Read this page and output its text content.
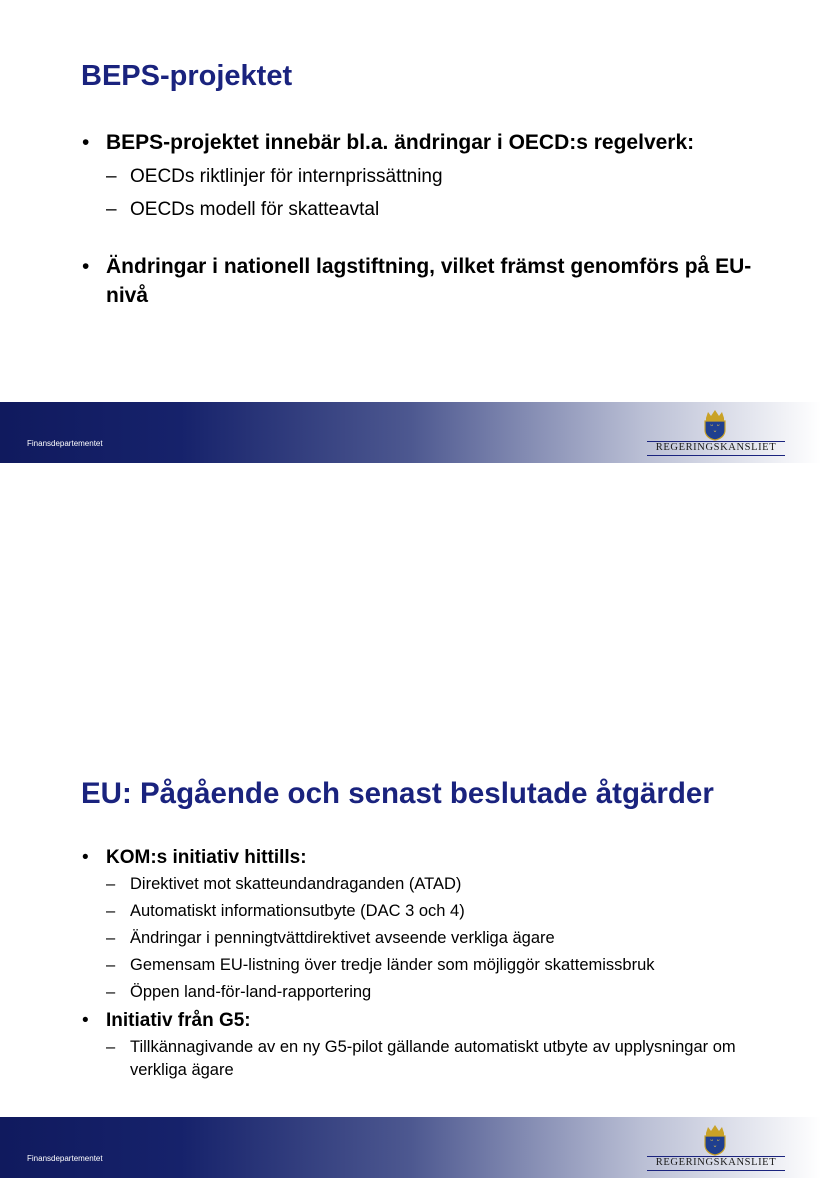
BEPS-projektet
• BEPS-projektet innebär bl.a. ändringar i OECD:s regelverk:
– OECDs riktlinjer för internprissättning
– OECDs modell för skatteavtal
• Ändringar i nationell lagstiftning, vilket främst genomförs på EU-nivå
Finansdepartementet	REGERINGSKANSLIET
EU: Pågående och senast beslutade åtgärder
• KOM:s initiativ hittills:
– Direktivet mot skatteundandraganden (ATAD)
– Automatiskt informationsutbyte (DAC 3 och 4)
– Ändringar i penningtvättdirektivet avseende verkliga ägare
– Gemensam EU-listning över tredje länder som möjliggör skattemissbruk
– Öppen land-för-land-rapportering
• Initiativ från G5:
– Tillkännagivande av en ny G5-pilot gällande automatiskt utbyte av upplysningar om verkliga ägare
Finansdepartementet	REGERINGSKANSLIET
